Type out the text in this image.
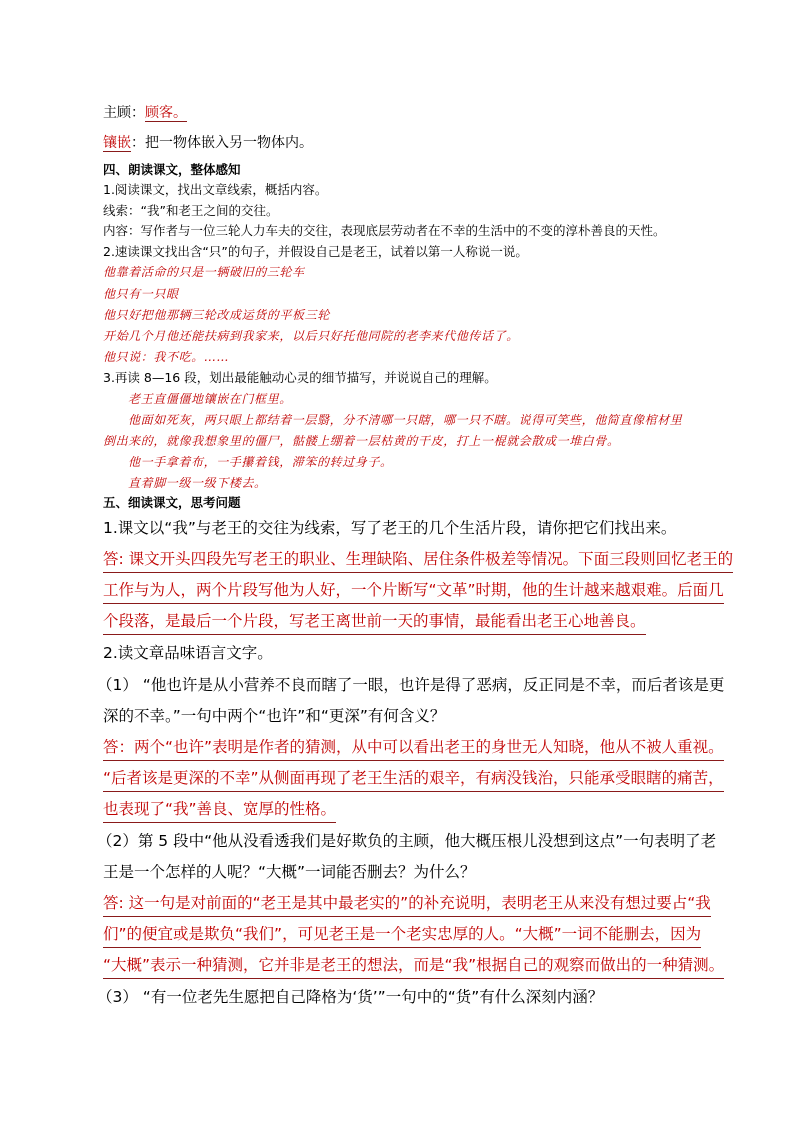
主顾：顾客。
镶嵌：把一物体嵌入另一物体内。
四、朗读课文，整体感知
1.阅读课文，找出文章线索，概括内容。
线索：“我”和老王之间的交往。
内容：写作者与一位三轮人力车夫的交往，表现底层劳动者在不幸的生活中的不变的淳朴善良的天性。
2.速读课文找出含“只”的句子，并假设自己是老王，试着以第一人称说一说。
他靠着活命的只是一辆破旧的三轮车
他只有一只眼
他只好把他那辆三轮改成运货的平板三轮
开始几个月他还能扶病到我家来，以后只好托他同院的老李来代他传话了。
他只说：我不吃。……
3.再读 8—16 段，划出最能触动心灵的细节描写，并说说自己的理解。
老王直僵僵地镶嵌在门框里。
他面如死灰，两只眼上都结着一层翳，分不清哪一只瞎，哪一只不瞎。说得可笑些，他简直像棺材里
倒出来的，就像我想象里的僵尸，骷髅上绷着一层枯黄的干皮，打上一棍就会散成一堆白骨。
他一手拿着布，一手攥着钱，滞笨的转过身子。
直着脚一级一级下楼去。
五、细读课文，思考问题
1.课文以“我”与老王的交往为线索，写了老王的几个生活片段，请你把它们找出来。
答: 课文开头四段先写老王的职业、生理缺陷、居住条件极差等情况。下面三段则回忆老王的
工作与为人，两个片段写他为人好，一个片断写“文革”时期，他的生计越来越艰难。后面几
个段落，是最后一个片段，写老王离世前一天的事情，最能看出老王心地善良。
2.读文章品味语言文字。
（1） “他也许是从小营养不良而瞎了一眼，也许是得了恶病，反正同是不幸，而后者该是更
深的不幸。”一句中两个“也许”和“更深”有何含义？
答：两个“也许”表明是作者的猜测，从中可以看出老王的身世无人知晓，他从不被人重视。
“后者该是更深的不幸”从侧面再现了老王生活的艰辛，有病没钱治，只能承受眼瞎的痛苦，
也表现了“我”善良、宽厚的性格。
（2）第 5 段中“他从没看透我们是好欺负的主顾，他大概压根儿没想到这点”一句表明了老
王是一个怎样的人呢？“大概”一词能否删去？为什么？
答: 这一句是对前面的“老王是其中最老实的”的补充说明，表明老王从来没有想过要占“我
们”的便宜或是欺负“我们”，可见老王是一个老实忠厚的人。“大概”一词不能删去，因为
“大概”表示一种猜测，它并非是老王的想法，而是“我”根据自己的观察而做出的一种猜测。
（3） “有一位老先生愿把自己降格为‘货’”一句中的“货”有什么深刻内涵？
